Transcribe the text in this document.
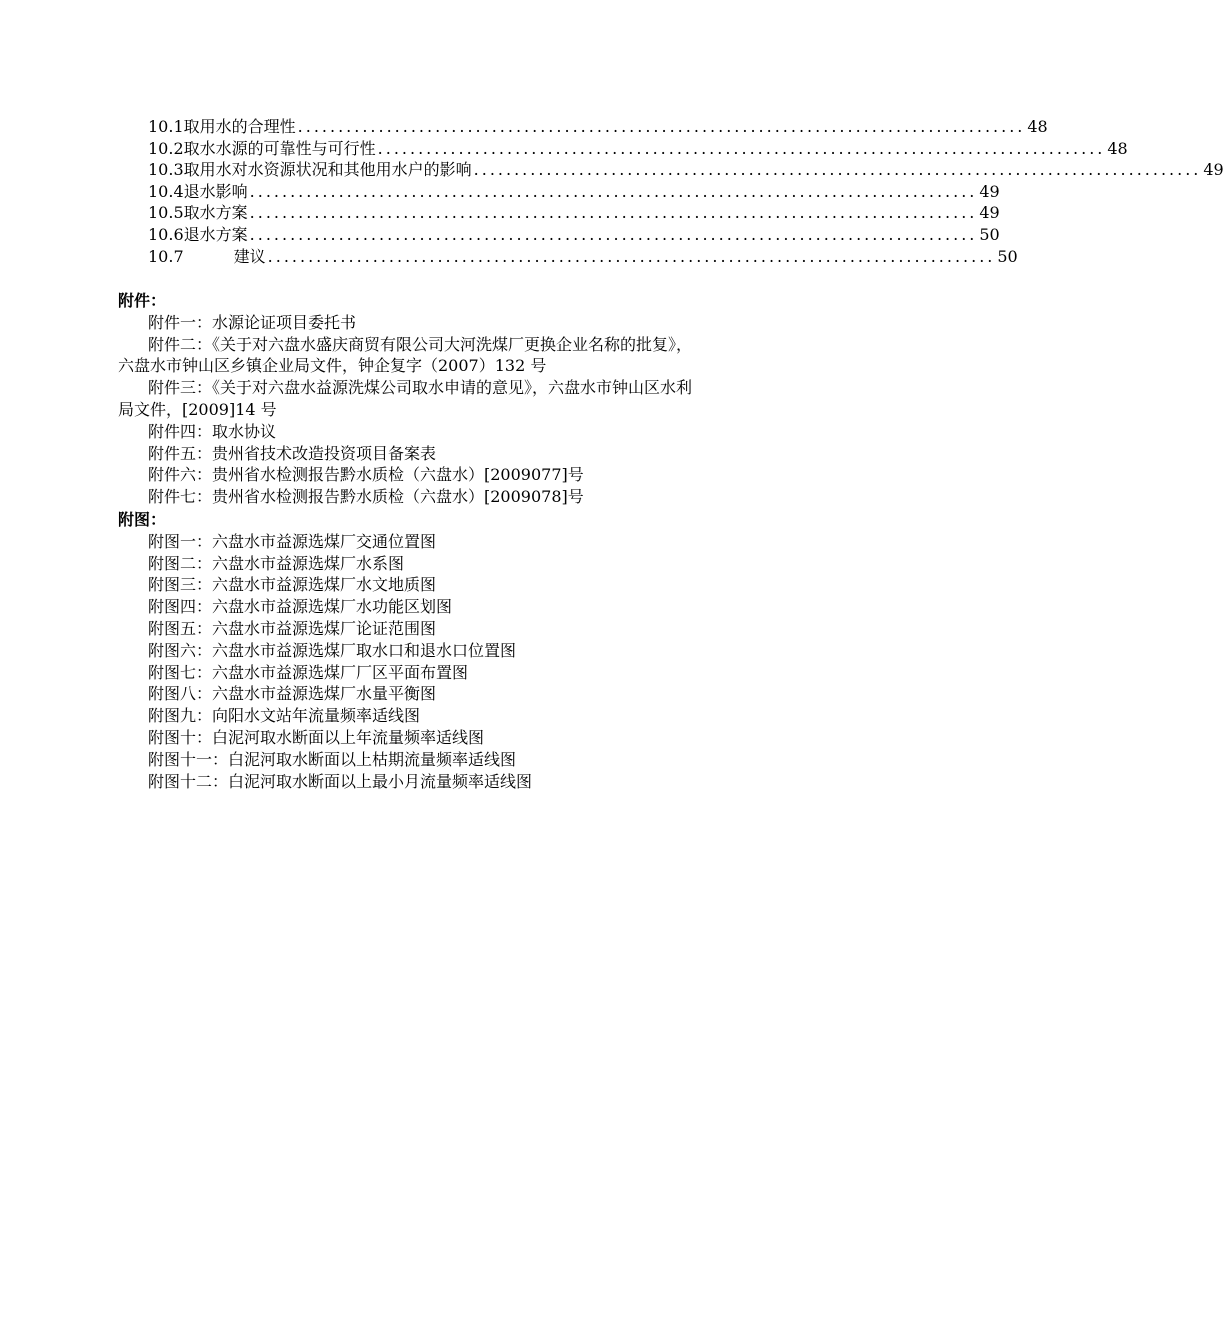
10.1 取用水的合理性 .......................................................................................... 48
10.2 取水水源的可靠性与可行性 .......................................................................................... 48
10.3 取用水对水资源状况和其他用水户的影响 .......................................................................................... 49
10.4 退水影响 .......................................................................................... 49
10.5 取水方案 .......................................................................................... 49
10.6 退水方案 .......................................................................................... 50
10.7	建议 .......................................................................................... 50
附件：
附件一：水源论证项目委托书
附件二：《关于对六盘水盛庆商贸有限公司大河洗煤厂更换企业名称的批复》，
六盘水市钟山区乡镇企业局文件，钟企复字（2007）132 号
附件三：《关于对六盘水益源洗煤公司取水申请的意见》，六盘水市钟山区水利
局文件，[2009]14 号
附件四：取水协议
附件五：贵州省技术改造投资项目备案表
附件六：贵州省水检测报告黔水质检（六盘水）[2009077]号
附件七：贵州省水检测报告黔水质检（六盘水）[2009078]号
附图：
附图一：六盘水市益源选煤厂交通位置图
附图二：六盘水市益源选煤厂水系图
附图三：六盘水市益源选煤厂水文地质图
附图四：六盘水市益源选煤厂水功能区划图
附图五：六盘水市益源选煤厂论证范围图
附图六：六盘水市益源选煤厂取水口和退水口位置图
附图七：六盘水市益源选煤厂厂区平面布置图
附图八：六盘水市益源选煤厂水量平衡图
附图九：向阳水文站年流量频率适线图
附图十：白泥河取水断面以上年流量频率适线图
附图十一：白泥河取水断面以上枯期流量频率适线图
附图十二：白泥河取水断面以上最小月流量频率适线图
